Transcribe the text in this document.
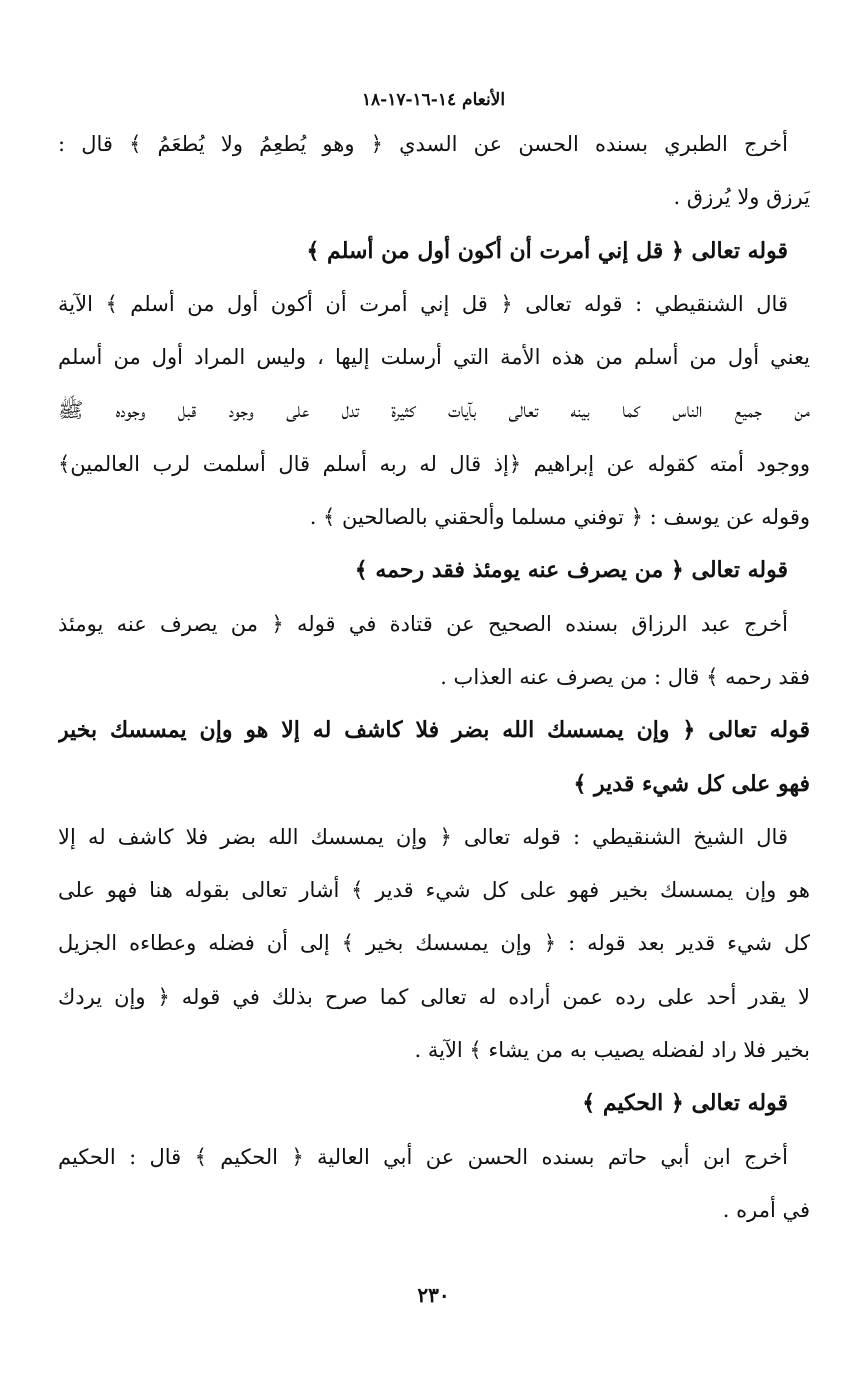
الأنعام ١٤-١٦-١٧-١٨
أخرج الطبري بسنده الحسن عن السدي ﴿ وهو يُطعِمُ ولا يُطعَمُ ﴾ قال :
يَرزق ولا يُرزق .
قوله تعالى ﴿ قل إني أمرت أن أكون أول من أسلم ﴾
قال الشنقيطي : قوله تعالى ﴿ قل إني أمرت أن أكون أول من أسلم ﴾ الآية
يعني أول من أسلم من هذه الأمة التي أرسلت إليها ، وليس المراد أول من أسلم
من جميع الناس كما بينه تعالى بآيات كثيرة تدل على وجود قبل وجوده ﷺ
ووجود أمته كقوله عن إبراهيم ﴿إذ قال له ربه أسلم قال أسلمت لرب العالمين﴾
وقوله عن يوسف : ﴿ توفني مسلما وألحقني بالصالحين ﴾ .
قوله تعالى ﴿ من يصرف عنه يومئذ فقد رحمه ﴾
أخرج عبد الرزاق بسنده الصحيح عن قتادة في قوله ﴿ من يصرف عنه يومئذ
فقد رحمه ﴾ قال : من يصرف عنه العذاب .
قوله تعالى ﴿ وإن يمسسك الله بضر فلا كاشف له إلا هو وإن يمسسك بخير
فهو على كل شيء قدير ﴾
قال الشيخ الشنقيطي : قوله تعالى ﴿ وإن يمسسك الله بضر فلا كاشف له إلا
هو وإن يمسسك بخير فهو على كل شيء قدير ﴾ أشار تعالى بقوله هنا فهو على
كل شيء قدير بعد قوله : ﴿ وإن يمسسك بخير ﴾ إلى أن فضله وعطاءه الجزيل
لا يقدر أحد على رده عمن أراده له تعالى كما صرح بذلك في قوله ﴿ وإن يردك
بخير فلا راد لفضله يصيب به من يشاء ﴾ الآية .
قوله تعالى ﴿ الحكيم ﴾
أخرج ابن أبي حاتم بسنده الحسن عن أبي العالية ﴿ الحكيم ﴾ قال : الحكيم
في أمره .
٢٣٠
